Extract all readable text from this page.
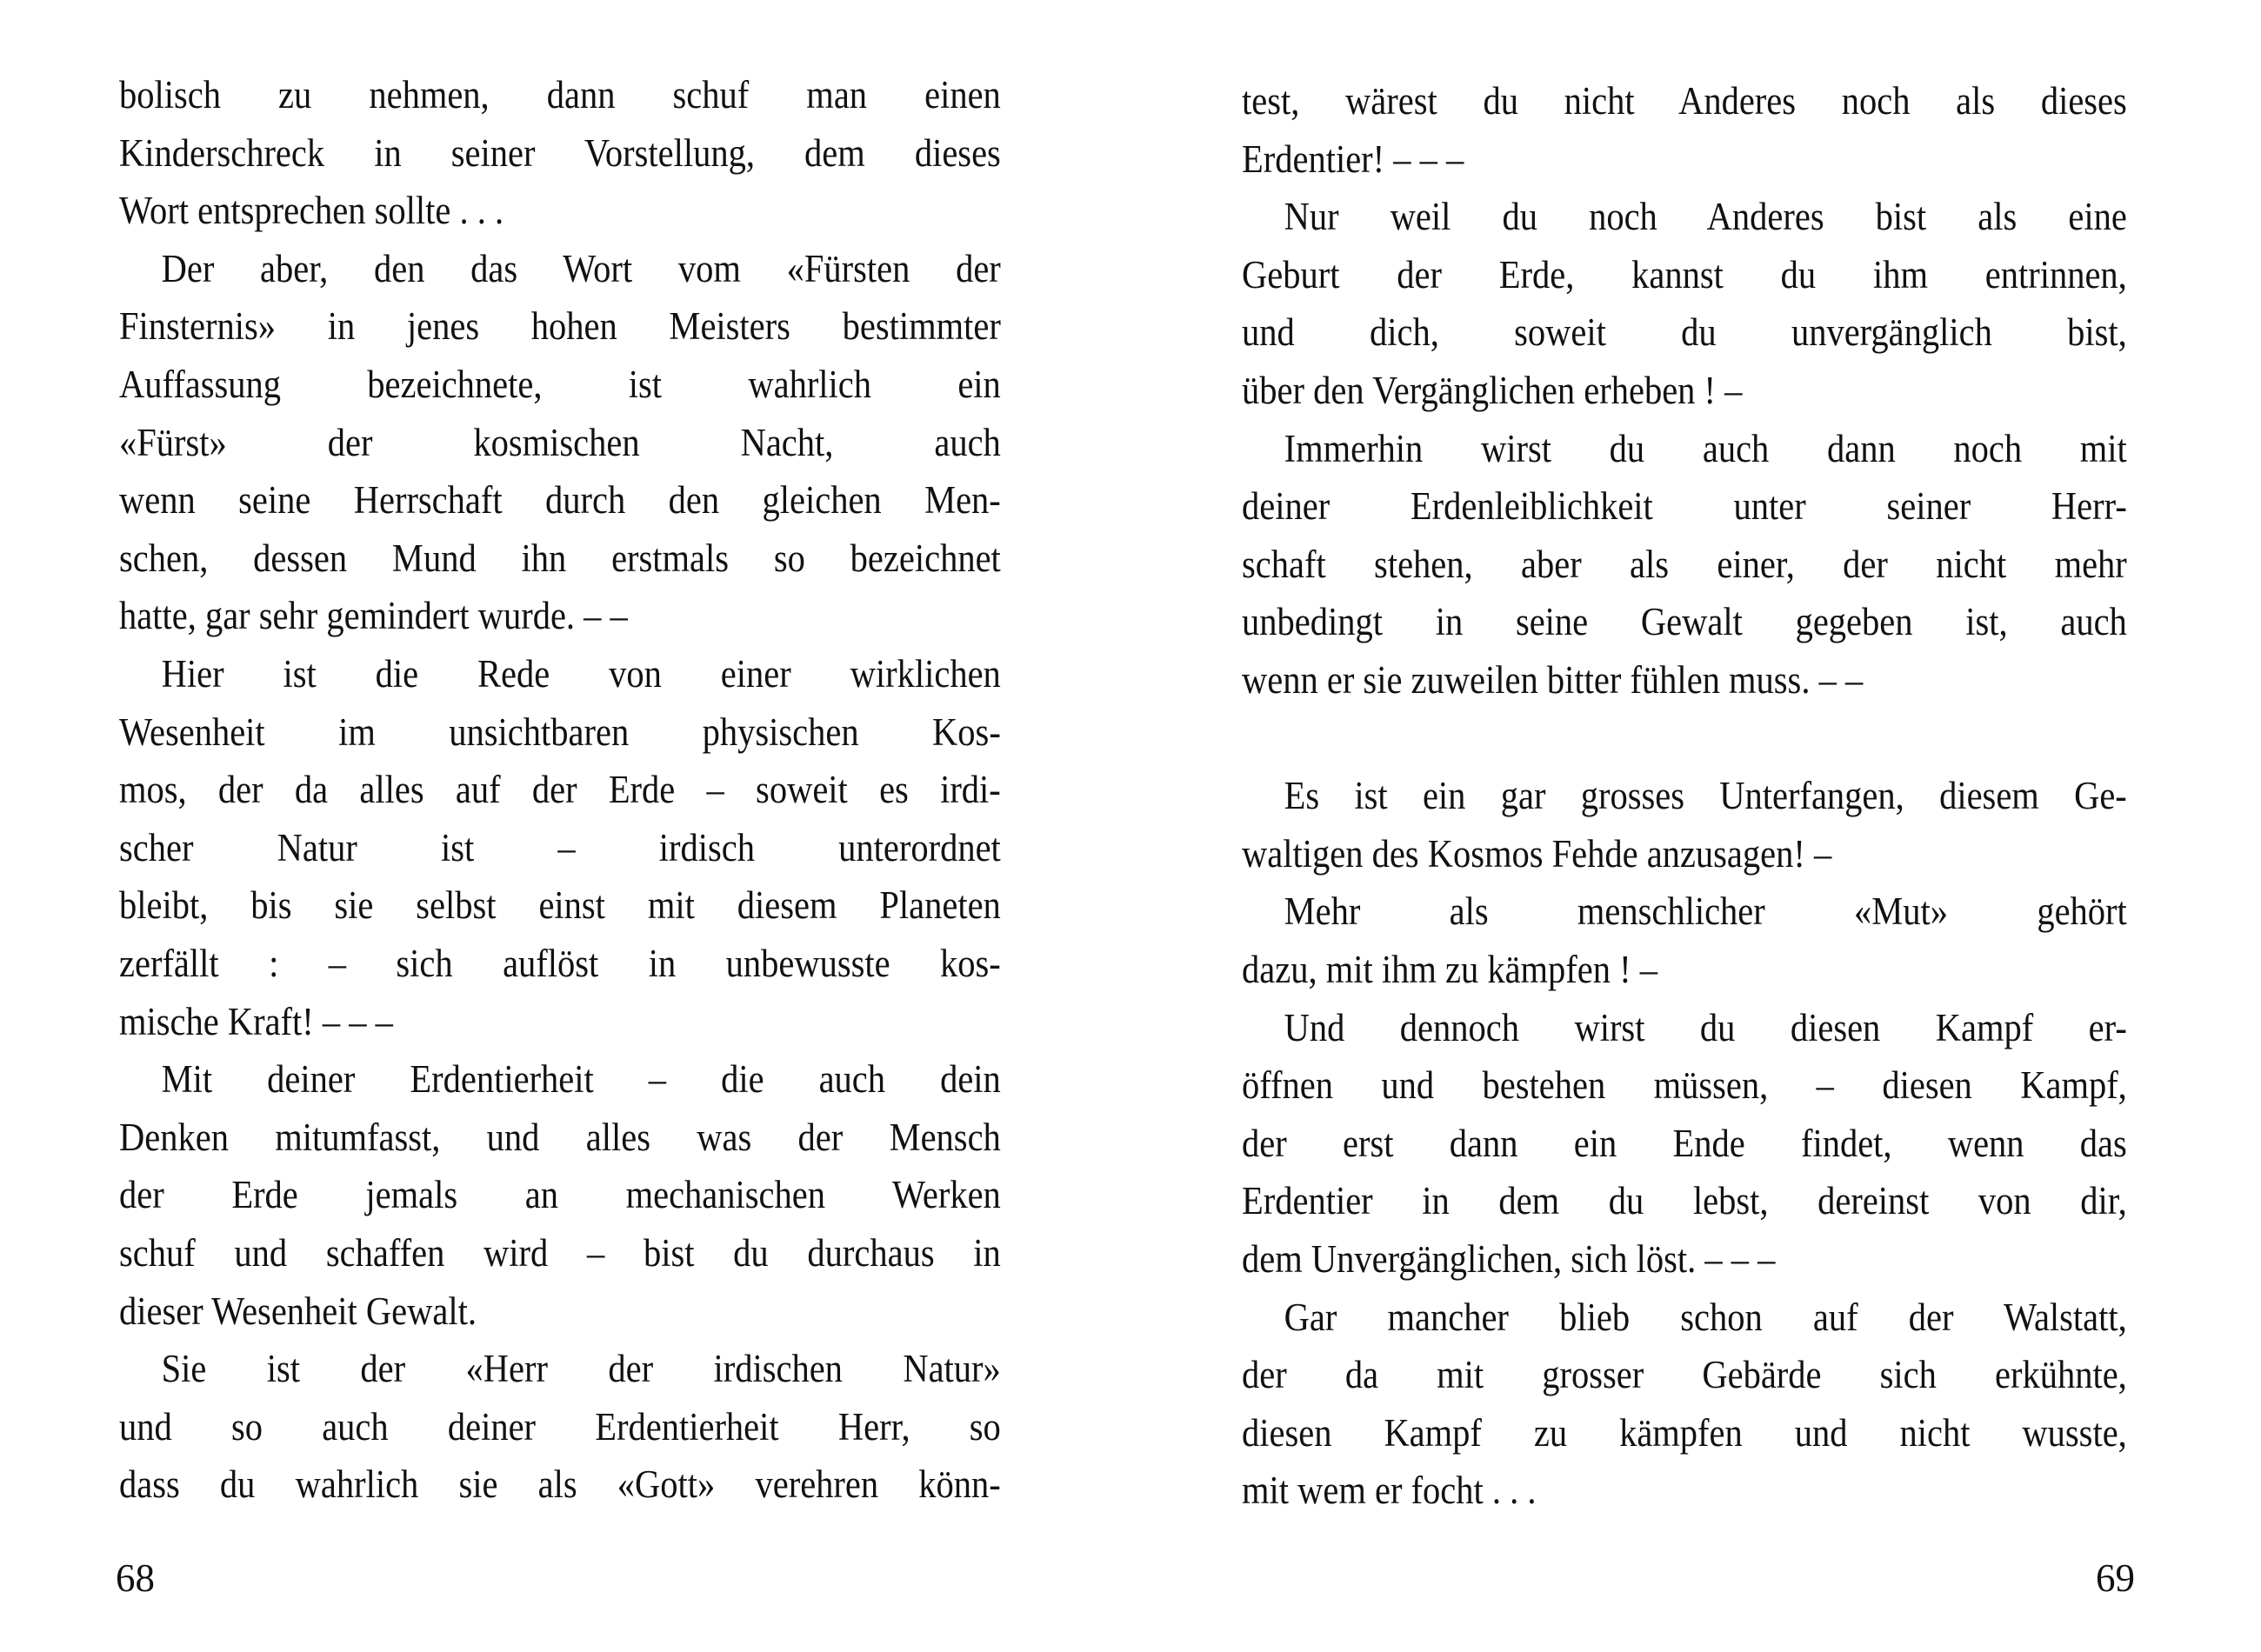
bolisch zu nehmen, dann schuf man einen
Kinderschreck in seiner Vorstellung, dem dieses
Wort entsprechen sollte . . .
Der aber, den das Wort vom «Fürsten der
Finsternis» in jenes hohen Meisters bestimmter
Auffassung bezeichnete, ist wahrlich ein
«Fürst» der kosmischen Nacht, auch
wenn seine Herrschaft durch den gleichen Men-
schen, dessen Mund ihn erstmals so bezeichnet
hatte, gar sehr gemindert wurde. – –
Hier ist die Rede von einer wirklichen
Wesenheit im unsichtbaren physischen Kos-
mos, der da alles auf der Erde – soweit es irdi-
scher Natur ist – irdisch unterordnet
bleibt, bis sie selbst einst mit diesem Planeten
zerfällt : – sich auflöst in unbewusste kos-
mische Kraft! – – –
Mit deiner Erdentierheit – die auch dein
Denken mitumfasst, und alles was der Mensch
der Erde jemals an mechanischen Werken
schuf und schaffen wird – bist du durchaus in
dieser Wesenheit Gewalt.
Sie ist der «Herr der irdischen Natur»
und so auch deiner Erdentierheit Herr, so
dass du wahrlich sie als «Gott» verehren könn-
68
test, wärest du nicht Anderes noch als dieses
Erdentier! – – –
Nur weil du noch Anderes bist als eine
Geburt der Erde, kannst du ihm entrinnen,
und dich, soweit du unvergänglich bist,
über den Vergänglichen erheben ! –
Immerhin wirst du auch dann noch mit
deiner Erdenleiblichkeit unter seiner Herr-
schaft stehen, aber als einer, der nicht mehr
unbedingt in seine Gewalt gegeben ist, auch
wenn er sie zuweilen bitter fühlen muss. – –
Es ist ein gar grosses Unterfangen, diesem Ge-
waltigen des Kosmos Fehde anzusagen! –
Mehr als menschlicher «Mut» gehört
dazu, mit ihm zu kämpfen ! –
Und dennoch wirst du diesen Kampf er-
öffnen und bestehen müssen, – diesen Kampf,
der erst dann ein Ende findet, wenn das
Erdentier in dem du lebst, dereinst von dir,
dem Unvergänglichen, sich löst. – – –
Gar mancher blieb schon auf der Walstatt,
der da mit grosser Gebärde sich erkühnte,
diesen Kampf zu kämpfen und nicht wusste,
mit wem er focht . . .
69
